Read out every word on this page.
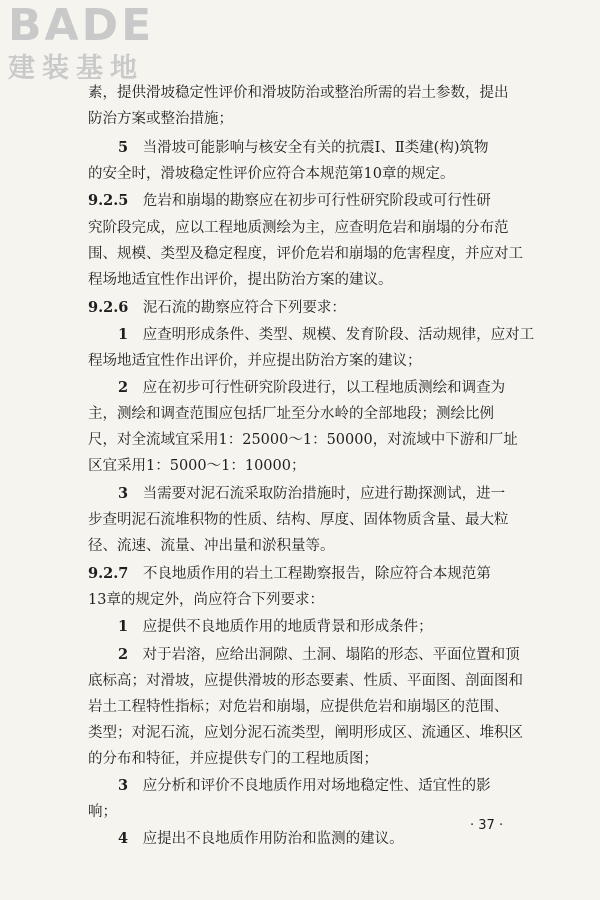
BADE
建装基地
素，提供滑坡稳定性评价和滑坡防治或整治所需的岩土参数，提出
防治方案或整治措施；
5　 当滑坡可能影响与核安全有关的抗震Ⅰ、Ⅱ类建(构)筑物
的安全时，滑坡稳定性评价应符合本规范第10章的规定。
9.2.5　 危岩和崩塌的勘察应在初步可行性研究阶段或可行性研
究阶段完成，应以工程地质测绘为主，应查明危岩和崩塌的分布范
围、规模、类型及稳定程度，评价危岩和崩塌的危害程度，并应对工
程场地适宜性作出评价，提出防治方案的建议。
9.2.6　 泥石流的勘察应符合下列要求：
1　 应查明形成条件、类型、规模、发育阶段、活动规律，应对工
程场地适宜性作出评价，并应提出防治方案的建议；
2　 应在初步可行性研究阶段进行，以工程地质测绘和调查为
主，测绘和调查范围应包括厂址至分水岭的全部地段；测绘比例
尺，对全流域宜采用1：25000～1：50000，对流域中下游和厂址
区宜采用1：5000～1：10000；
3　 当需要对泥石流采取防治措施时，应进行勘探测试，进一
步查明泥石流堆积物的性质、结构、厚度、固体物质含量、最大粒
径、流速、流量、冲出量和淤积量等。
9.2.7　 不良地质作用的岩土工程勘察报告，除应符合本规范第
13章的规定外，尚应符合下列要求：
1　 应提供不良地质作用的地质背景和形成条件；
2　 对于岩溶，应给出洞隙、土洞、塌陷的形态、平面位置和顶
底标高；对滑坡，应提供滑坡的形态要素、性质、平面图、剖面图和
岩土工程特性指标；对危岩和崩塌，应提供危岩和崩塌区的范围、
类型；对泥石流，应划分泥石流类型，阐明形成区、流通区、堆积区
的分布和特征，并应提供专门的工程地质图；
3　 应分析和评价不良地质作用对场地稳定性、适宜性的影
响；
4　 应提出不良地质作用防治和监测的建议。
· 37 ·
